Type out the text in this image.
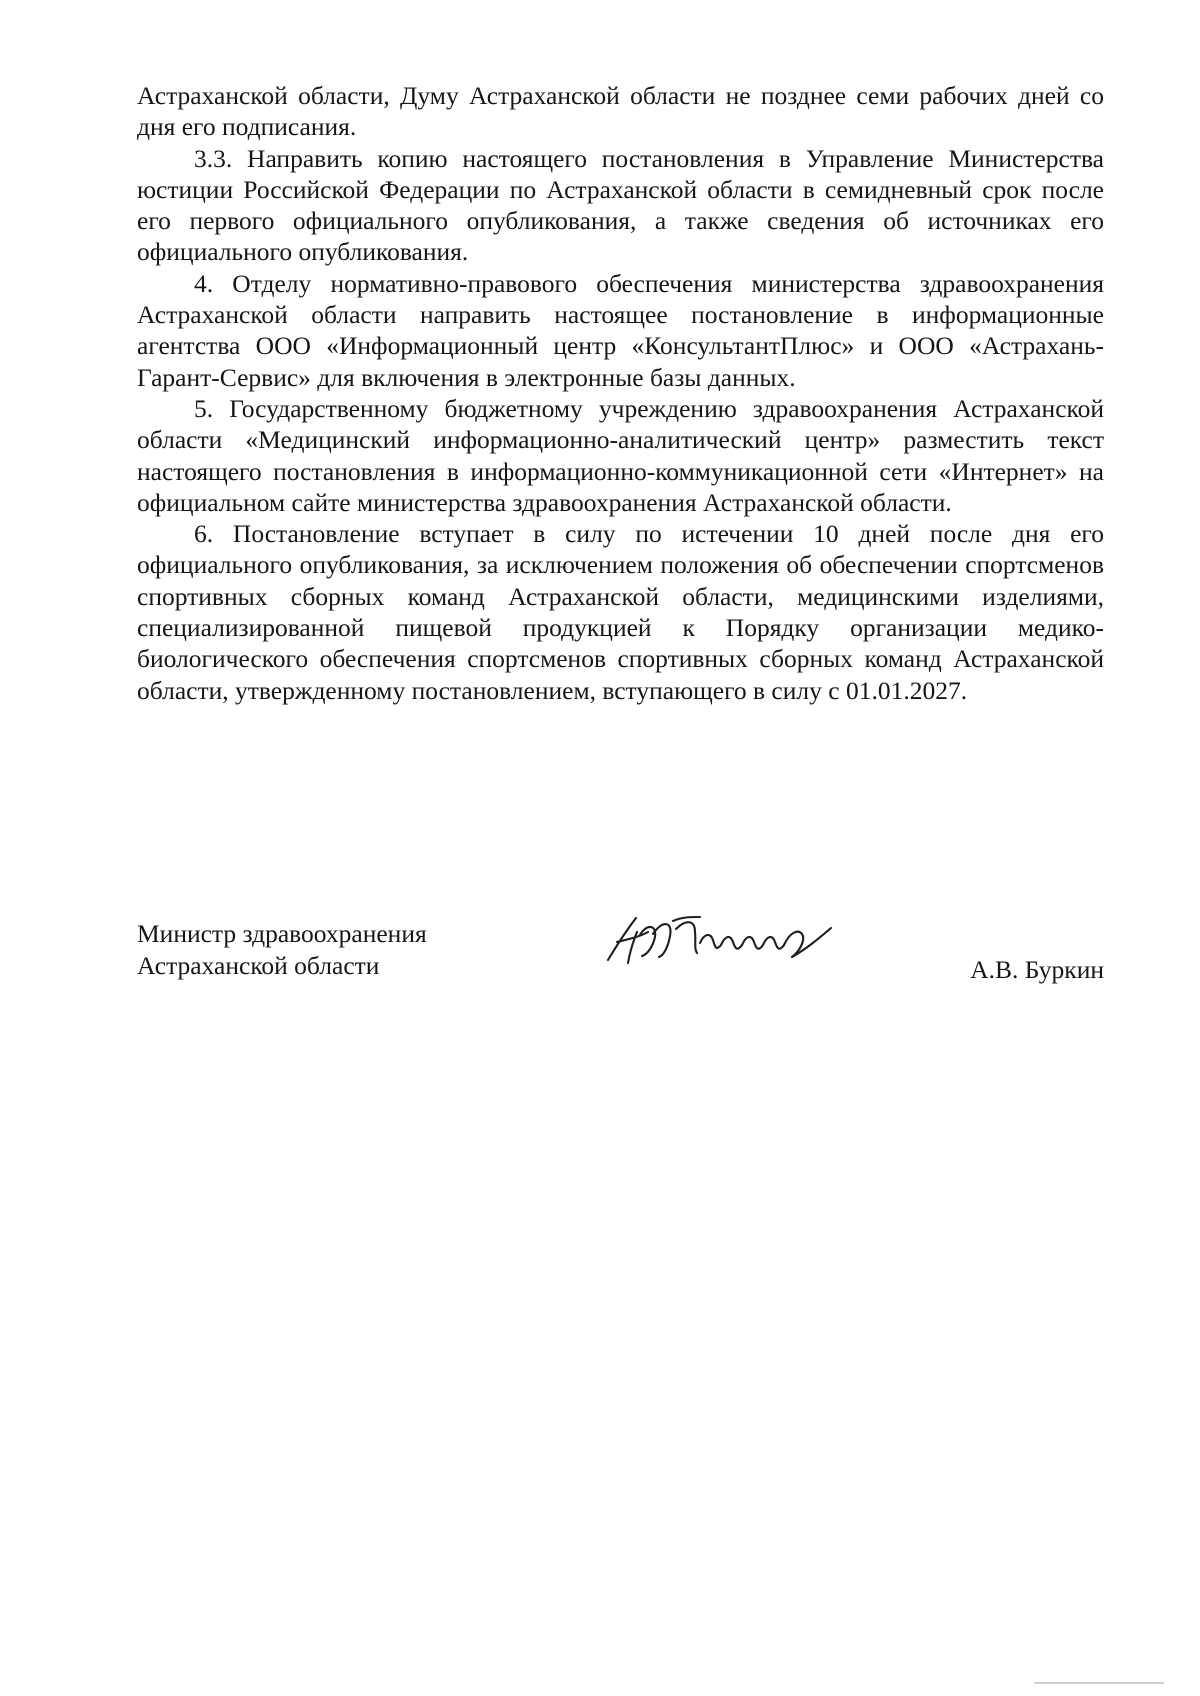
Астраханской области, Думу Астраханской области не позднее семи рабочих дней со дня его подписания.

3.3. Направить копию настоящего постановления в Управление Министерства юстиции Российской Федерации по Астраханской области в семидневный срок после его первого официального опубликования, а также сведения об источниках его официального опубликования.

4. Отделу нормативно-правового обеспечения министерства здравоохранения Астраханской области направить настоящее постановление в информационные агентства ООО «Информационный центр «КонсультантПлюс» и ООО «Астрахань-Гарант-Сервис» для включения в электронные базы данных.

5. Государственному бюджетному учреждению здравоохранения Астраханской области «Медицинский информационно-аналитический центр» разместить текст настоящего постановления в информационно-коммуникационной сети «Интернет» на официальном сайте министерства здравоохранения Астраханской области.

6. Постановление вступает в силу по истечении 10 дней после дня его официального опубликования, за исключением положения об обеспечении спортсменов спортивных сборных команд Астраханской области, медицинскими изделиями, специализированной пищевой продукцией к Порядку организации медико-биологического обеспечения спортсменов спортивных сборных команд Астраханской области, утвержденному постановлением, вступающего в силу с 01.01.2027.

Министр здравоохранения
Астраханской области	А.В. Буркин
